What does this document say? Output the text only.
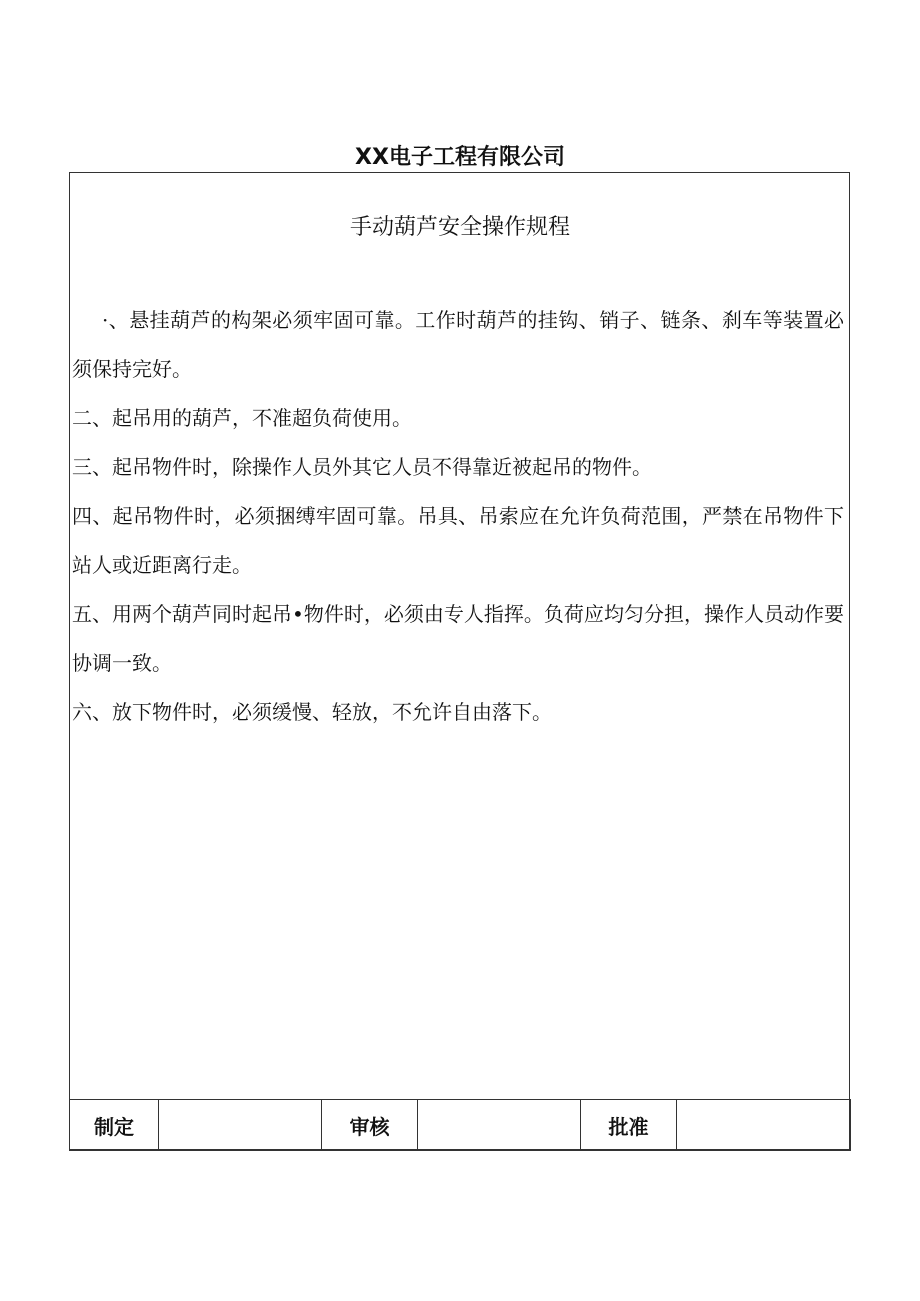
XX电子工程有限公司
手动葫芦安全操作规程

·、悬挂葫芦的构架必须牢固可靠。工作时葫芦的挂钩、销子、链条、刹车等装置必须保持完好。

二、起吊用的葫芦，不准超负荷使用。

三、起吊物件时，除操作人员外其它人员不得靠近被起吊的物件。

四、起吊物件时，必须捆缚牢固可靠。吊具、吊索应在允许负荷范围，严禁在吊物件下站人或近距离行走。

五、用两个葫芦同时起吊•物件时，必须由专人指挥。负荷应均匀分担，操作人员动作要协调一致。

六、放下物件时，必须缓慢、轻放，不允许自由落下。

制定		审核		批准	
